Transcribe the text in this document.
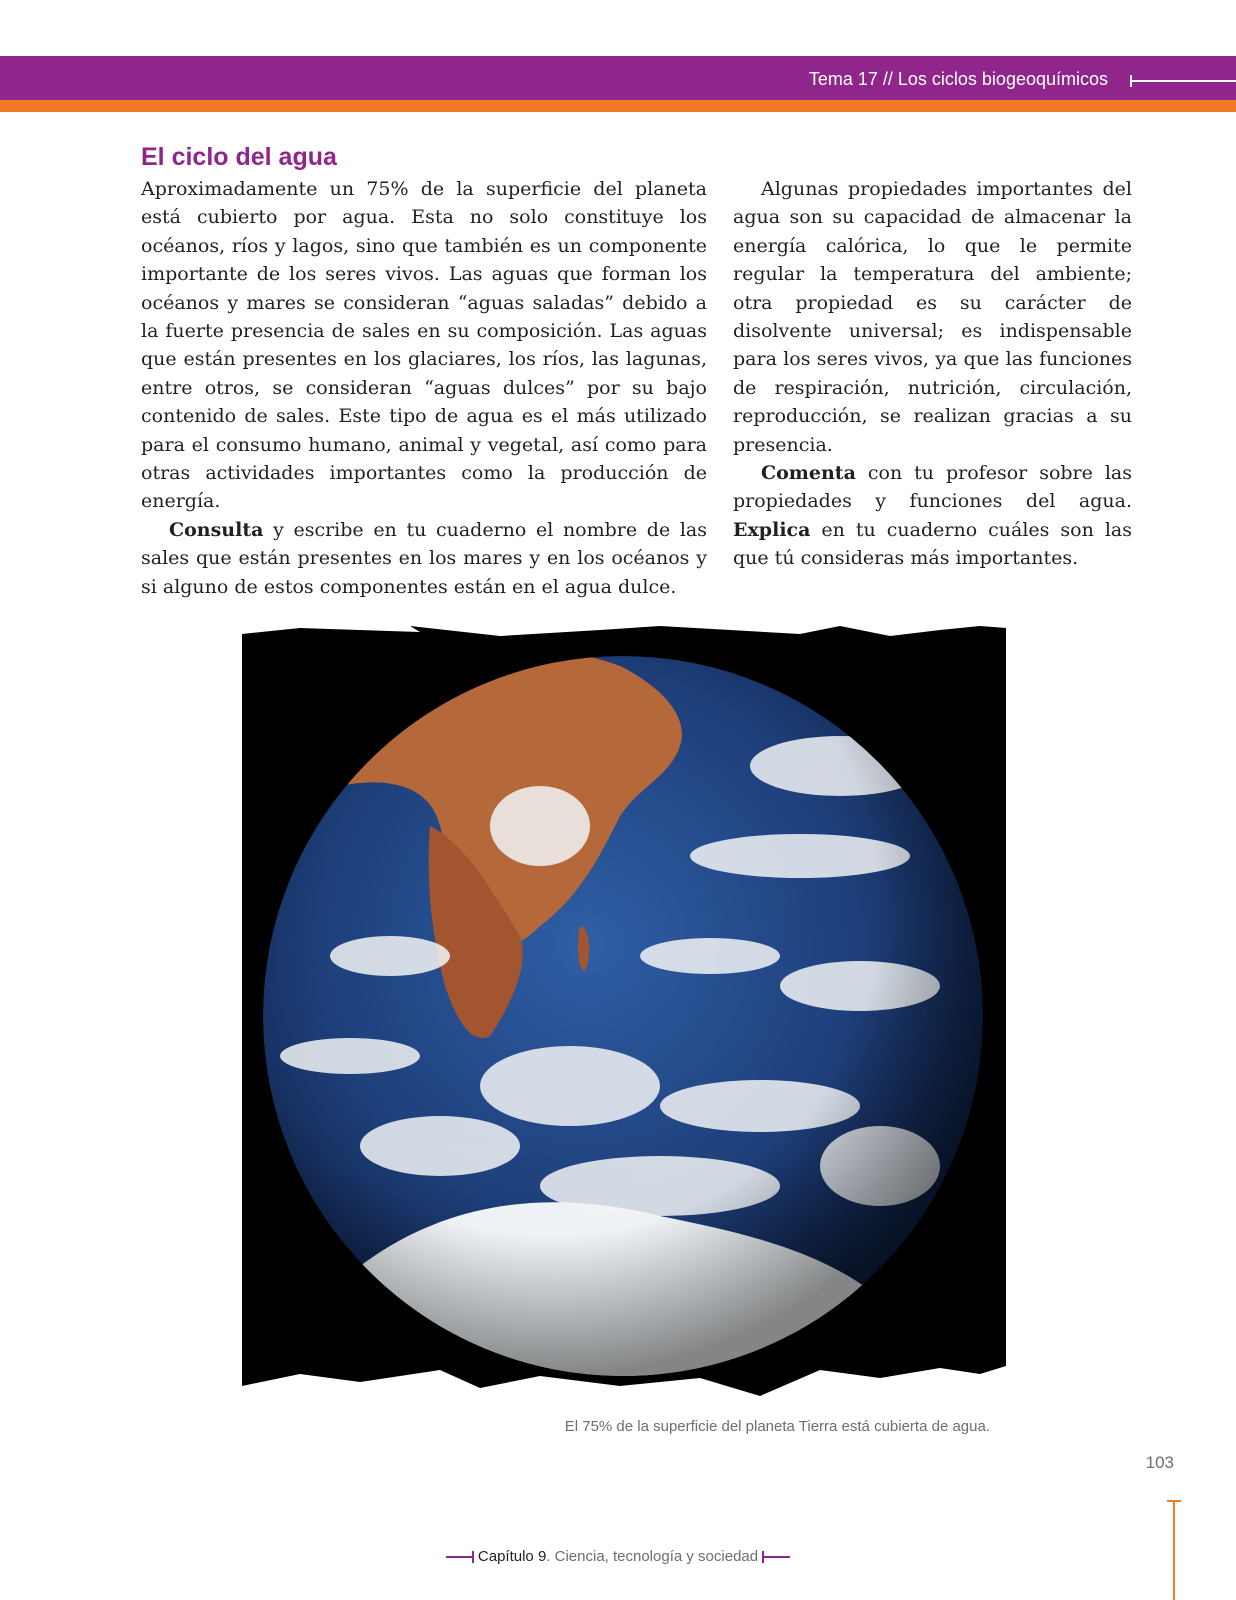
Tema 17 // Los ciclos biogeoquímicos
El ciclo del agua

Aproximadamente un 75% de la superficie del planeta está cubierto por agua. Esta no solo constituye los océanos, ríos y lagos, sino que también es un componente importante de los seres vivos. Las aguas que forman los océanos y mares se consideran “aguas saladas” debido a la fuerte presencia de sales en su composición. Las aguas que están presentes en los glaciares, los ríos, las lagunas, entre otros, se consideran “aguas dulces” por su bajo contenido de sales. Este tipo de agua es el más utilizado para el consumo humano, animal y vegetal, así como para otras actividades importantes como la producción de energía.

Consulta y escribe en tu cuaderno el nombre de las sales que están presentes en los mares y en los océanos y si alguno de estos componentes están en el agua dulce.

Algunas propiedades importantes del agua son su capacidad de almacenar la energía calórica, lo que le permite regular la temperatura del ambiente; otra propiedad es su carácter de disolvente universal; es indispensable para los seres vivos, ya que las funciones de respiración, nutrición, circulación, reproducción, se realizan gracias a su presencia.

Comenta con tu profesor sobre las propiedades y funciones del agua. Explica en tu cuaderno cuáles son las que tú consideras más importantes.

El 75% de la superficie del planeta Tierra está cubierta de agua.
103
Capítulo 9. Ciencia, tecnología y sociedad
